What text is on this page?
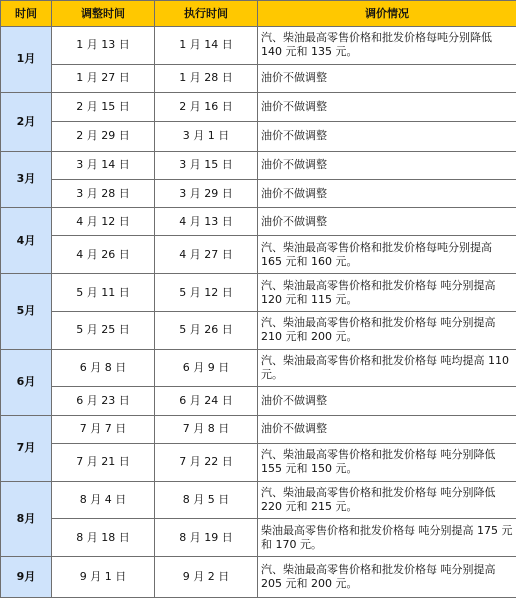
时间	调整时间	执行时间	调价情况
1月	1 月 13 日	1 月 14 日	汽、柴油最高零售价格和批发价格每吨分别降低 140 元和 135 元。
	1 月 27 日	1 月 28 日	油价不做调整
2月	2 月 15 日	2 月 16 日	油价不做调整
	2 月 29 日	3 月 1 日	油价不做调整
3月	3 月 14 日	3 月 15 日	油价不做调整
	3 月 28 日	3 月 29 日	油价不做调整
4月	4 月 12 日	4 月 13 日	油价不做调整
	4 月 26 日	4 月 27 日	汽、柴油最高零售价格和批发价格每吨分别提高 165 元和 160 元。
5月	5 月 11 日	5 月 12 日	汽、柴油最高零售价格和批发价格每 吨分别提高 120 元和 115 元。
	5 月 25 日	5 月 26 日	汽、柴油最高零售价格和批发价格每 吨分别提高 210 元和 200 元。
6月	6 月 8 日	6 月 9 日	汽、柴油最高零售价格和批发价格每 吨均提高 110 元。
	6 月 23 日	6 月 24 日	油价不做调整
7月	7 月 7 日	7 月 8 日	油价不做调整
	7 月 21 日	7 月 22 日	汽、柴油最高零售价格和批发价格每 吨分别降低 155 元和 150 元。
8月	8 月 4 日	8 月 5 日	汽、柴油最高零售价格和批发价格每 吨分别降低 220 元和 215 元。
	8 月 18 日	8 月 19 日	柴油最高零售价格和批发价格每 吨分别提高 175 元和 170 元。
9月	9 月 1 日	9 月 2 日	汽、柴油最高零售价格和批发价格每 吨分别提高 205 元和 200 元。
